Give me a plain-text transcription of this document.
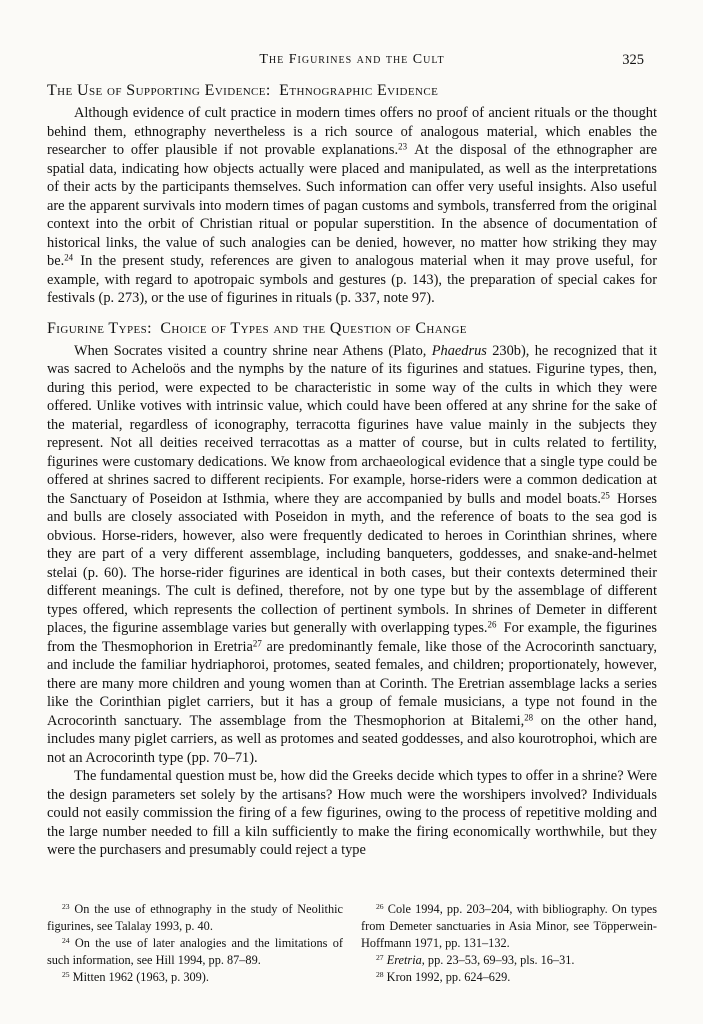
The Figurines and the Cult	325
The Use of Supporting Evidence: Ethnographic Evidence

Although evidence of cult practice in modern times offers no proof of ancient rituals or the thought behind them, ethnography nevertheless is a rich source of analogous material, which enables the researcher to offer plausible if not provable explanations.$^{23}$ At the disposal of the ethnographer are spatial data, indicating how objects actually were placed and manipulated, as well as the interpretations of their acts by the participants themselves. Such information can offer very useful insights. Also useful are the apparent survivals into modern times of pagan customs and symbols, transferred from the original context into the orbit of Christian ritual or popular superstition. In the absence of documentation of historical links, the value of such analogies can be denied, however, no matter how striking they may be.$^{24}$ In the present study, references are given to analogous material when it may prove useful, for example, with regard to apotropaic symbols and gestures (p. 143), the preparation of special cakes for festivals (p. 273), or the use of figurines in rituals (p. 337, note 97).

Figurine Types: Choice of Types and the Question of Change

When Socrates visited a country shrine near Athens (Plato, Phaedrus 230b), he recognized that it was sacred to Acheloös and the nymphs by the nature of its figurines and statues. Figurine types, then, during this period, were expected to be characteristic in some way of the cults in which they were offered. Unlike votives with intrinsic value, which could have been offered at any shrine for the sake of the material, regardless of iconography, terracotta figurines have value mainly in the subjects they represent. Not all deities received terracottas as a matter of course, but in cults related to fertility, figurines were customary dedications. We know from archaeological evidence that a single type could be offered at shrines sacred to different recipients. For example, horse-riders were a common dedication at the Sanctuary of Poseidon at Isthmia, where they are accompanied by bulls and model boats.$^{25}$ Horses and bulls are closely associated with Poseidon in myth, and the reference of boats to the sea god is obvious. Horse-riders, however, also were frequently dedicated to heroes in Corinthian shrines, where they are part of a very different assemblage, including banqueters, goddesses, and snake-and-helmet stelai (p. 60). The horse-rider figurines are identical in both cases, but their contexts determined their different meanings. The cult is defined, therefore, not by one type but by the assemblage of different types offered, which represents the collection of pertinent symbols. In shrines of Demeter in different places, the figurine assemblage varies but generally with overlapping types.$^{26}$ For example, the figurines from the Thesmophorion in Eretria$^{27}$ are predominantly female, like those of the Acrocorinth sanctuary, and include the familiar hydriaphoroi, protomes, seated females, and children; proportionately, however, there are many more children and young women than at Corinth. The Eretrian assemblage lacks a series like the Corinthian piglet carriers, but it has a group of female musicians, a type not found in the Acrocorinth sanctuary. The assemblage from the Thesmophorion at Bitalemi,$^{28}$ on the other hand, includes many piglet carriers, as well as protomes and seated goddesses, and also kourotrophoi, which are not an Acrocorinth type (pp. 70–71).

The fundamental question must be, how did the Greeks decide which types to offer in a shrine? Were the design parameters set solely by the artisans? How much were the worshipers involved? Individuals could not easily commission the firing of a few figurines, owing to the process of repetitive molding and the large number needed to fill a kiln sufficiently to make the firing economically worthwhile, but they were the purchasers and presumably could reject a type

$^{23}$ On the use of ethnography in the study of Neolithic figurines, see Talalay 1993, p. 40.

$^{24}$ On the use of later analogies and the limitations of such information, see Hill 1994, pp. 87–89.

$^{25}$ Mitten 1962 (1963, p. 309).

$^{26}$ Cole 1994, pp. 203–204, with bibliography. On types from Demeter sanctuaries in Asia Minor, see Töpperwein-Hoffmann 1971, pp. 131–132.

$^{27}$ Eretria, pp. 23–53, 69–93, pls. 16–31.

$^{28}$ Kron 1992, pp. 624–629.
